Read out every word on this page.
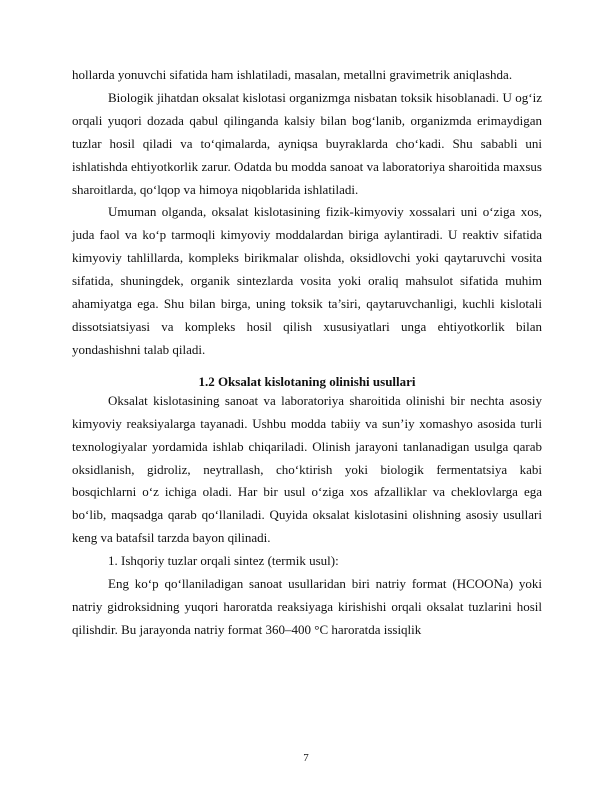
hollarda yonuvchi sifatida ham ishlatiladi, masalan, metallni gravimetrik aniqlashda.

Biologik jihatdan oksalat kislotasi organizmga nisbatan toksik hisoblanadi. U og‘iz orqali yuqori dozada qabul qilinganda kalsiy bilan bog‘lanib, organizmda erimaydigan tuzlar hosil qiladi va to‘qimalarda, ayniqsa buyraklarda cho‘kadi. Shu sababli uni ishlatishda ehtiyotkorlik zarur. Odatda bu modda sanoat va laboratoriya sharoitida maxsus sharoitlarda, qo‘lqop va himoya niqoblarida ishlatiladi.

Umuman olganda, oksalat kislotasining fizik-kimyoviy xossalari uni o‘ziga xos, juda faol va ko‘p tarmoqli kimyoviy moddalardan biriga aylantiradi. U reaktiv sifatida kimyoviy tahlillarda, kompleks birikmalar olishda, oksidlovchi yoki qaytaruvchi vosita sifatida, shuningdek, organik sintezlarda vosita yoki oraliq mahsulot sifatida muhim ahamiyatga ega. Shu bilan birga, uning toksik ta’siri, qaytaruvchanligi, kuchli kislotali dissotsiatsiyasi va kompleks hosil qilish xususiyatlari unga ehtiyotkorlik bilan yondashishni talab qiladi.

1.2 Oksalat kislotaning olinishi usullari

Oksalat kislotasining sanoat va laboratoriya sharoitida olinishi bir nechta asosiy kimyoviy reaksiyalarga tayanadi. Ushbu modda tabiiy va sun’iy xomashyo asosida turli texnologiyalar yordamida ishlab chiqariladi. Olinish jarayoni tanlanadigan usulga qarab oksidlanish, gidroliz, neytrallash, cho‘ktirish yoki biologik fermentatsiya kabi bosqichlarni o‘z ichiga oladi. Har bir usul o‘ziga xos afzalliklar va cheklovlarga ega bo‘lib, maqsadga qarab qo‘llaniladi. Quyida oksalat kislotasini olishning asosiy usullari keng va batafsil tarzda bayon qilinadi.

1. Ishqoriy tuzlar orqali sintez (termik usul):

Eng ko‘p qo‘llaniladigan sanoat usullaridan biri natriy format (HCOONa) yoki natriy gidroksidning yuqori haroratda reaksiyaga kirishishi orqali oksalat tuzlarini hosil qilishdir. Bu jarayonda natriy format 360–400 °C haroratda issiqlik

7
